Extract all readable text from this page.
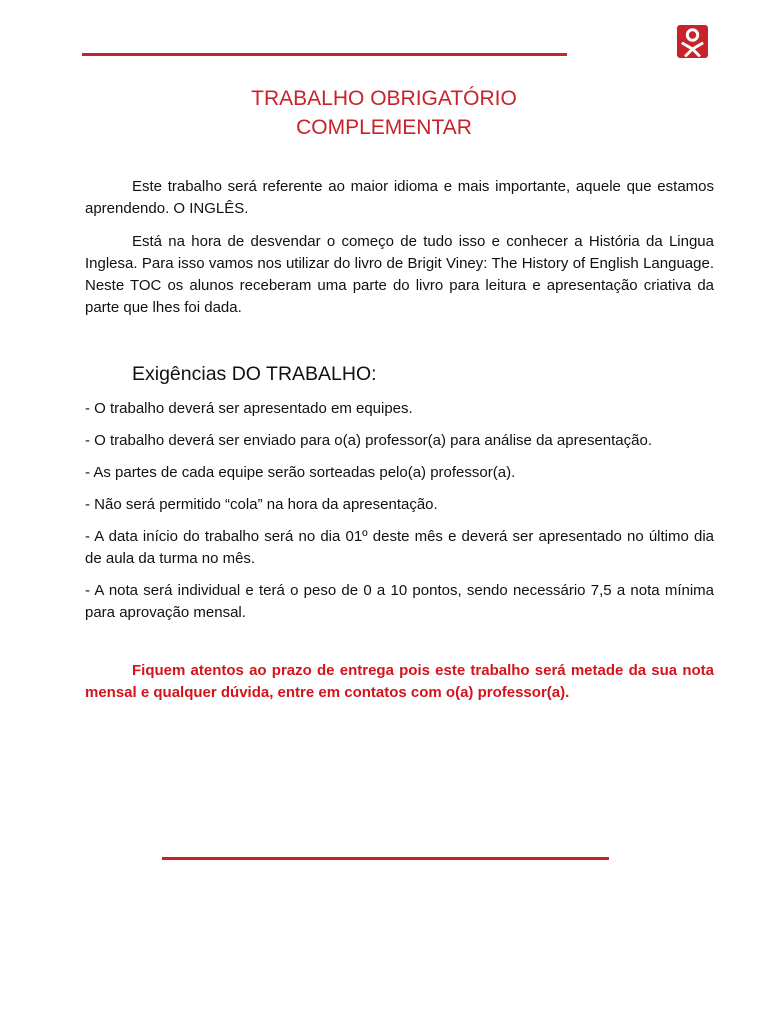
TRABALHO OBRIGATÓRIO
COMPLEMENTAR

Este trabalho será referente ao maior idioma e mais importante, aquele que estamos aprendendo. O INGLÊS.

Está na hora de desvendar o começo de tudo isso e conhecer a História da Lingua Inglesa. Para isso vamos nos utilizar do livro de Brigit Viney: The History of English Language. Neste TOC os alunos receberam uma parte do livro para leitura e apresentação criativa da parte que lhes foi dada.

Exigências DO TRABALHO:
- O trabalho deverá ser apresentado em equipes.
- O trabalho deverá ser enviado para o(a) professor(a) para análise da apresentação.
- As partes de cada equipe serão sorteadas pelo(a) professor(a).
- Não será permitido “cola” na hora da apresentação.
- A data início do trabalho será no dia 01º deste mês e deverá ser apresentado no último dia de aula da turma no mês.
- A nota será individual e terá o peso de 0 a 10 pontos, sendo necessário 7,5 a nota mínima para aprovação mensal.

Fiquem atentos ao prazo de entrega pois este trabalho será metade da sua nota mensal e qualquer dúvida, entre em contatos com o(a) professor(a).
